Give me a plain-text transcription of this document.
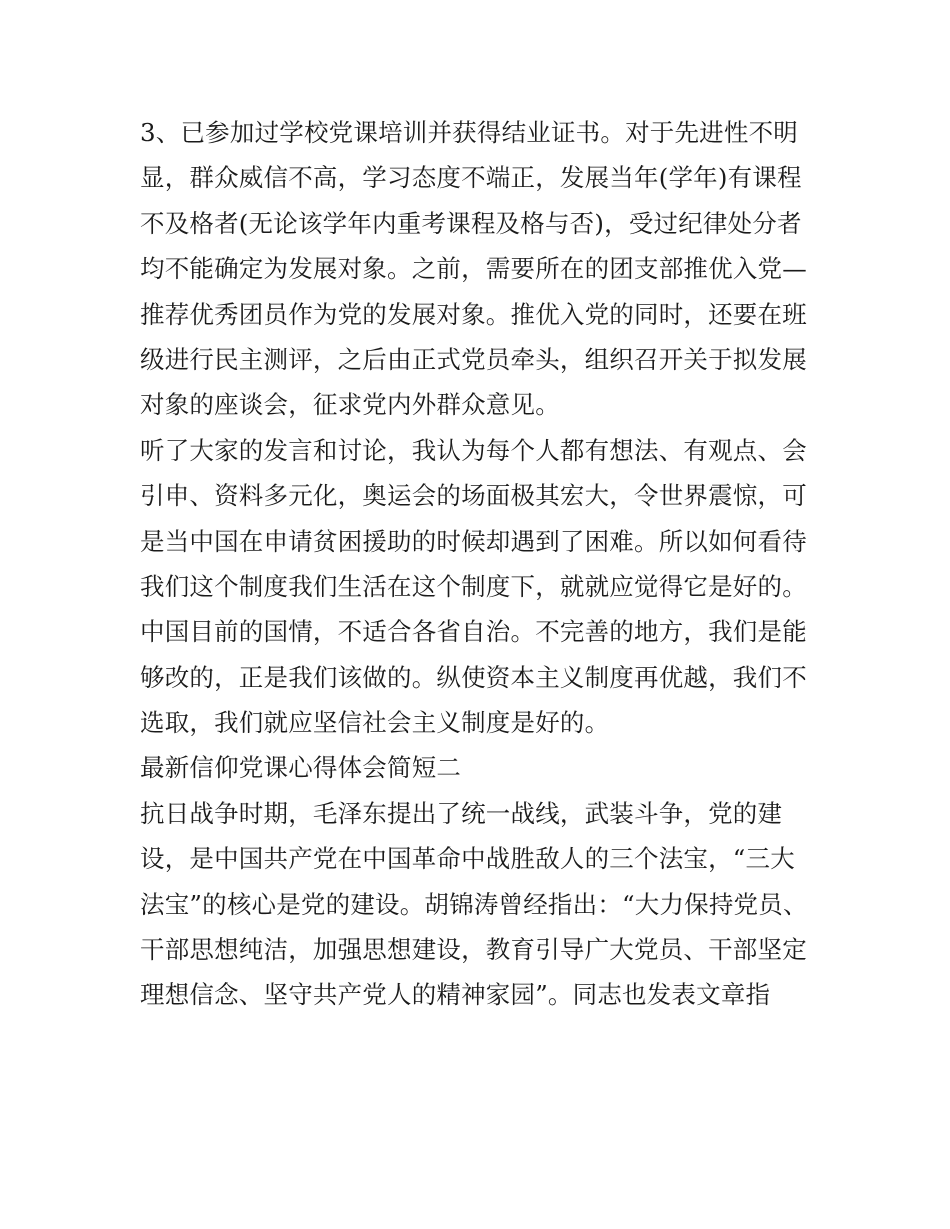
3、已参加过学校党课培训并获得结业证书。对于先进性不明
显，群众威信不高，学习态度不端正，发展当年(学年)有课程
不及格者(无论该学年内重考课程及格与否)，受过纪律处分者
均不能确定为发展对象。之前，需要所在的团支部推优入党—
推荐优秀团员作为党的发展对象。推优入党的同时，还要在班
级进行民主测评，之后由正式党员牵头，组织召开关于拟发展
对象的座谈会，征求党内外群众意见。
听了大家的发言和讨论，我认为每个人都有想法、有观点、会
引申、资料多元化，奥运会的场面极其宏大，令世界震惊，可
是当中国在申请贫困援助的时候却遇到了困难。所以如何看待
我们这个制度我们生活在这个制度下，就就应觉得它是好的。
中国目前的国情，不适合各省自治。不完善的地方，我们是能
够改的，正是我们该做的。纵使资本主义制度再优越，我们不
选取，我们就应坚信社会主义制度是好的。
最新信仰党课心得体会简短二
抗日战争时期，毛泽东提出了统一战线，武装斗争，党的建
设，是中国共产党在中国革命中战胜敌人的三个法宝，“三大
法宝”的核心是党的建设。胡锦涛曾经指出：“大力保持党员、
干部思想纯洁，加强思想建设，教育引导广大党员、干部坚定
理想信念、坚守共产党人的精神家园”。同志也发表文章指
